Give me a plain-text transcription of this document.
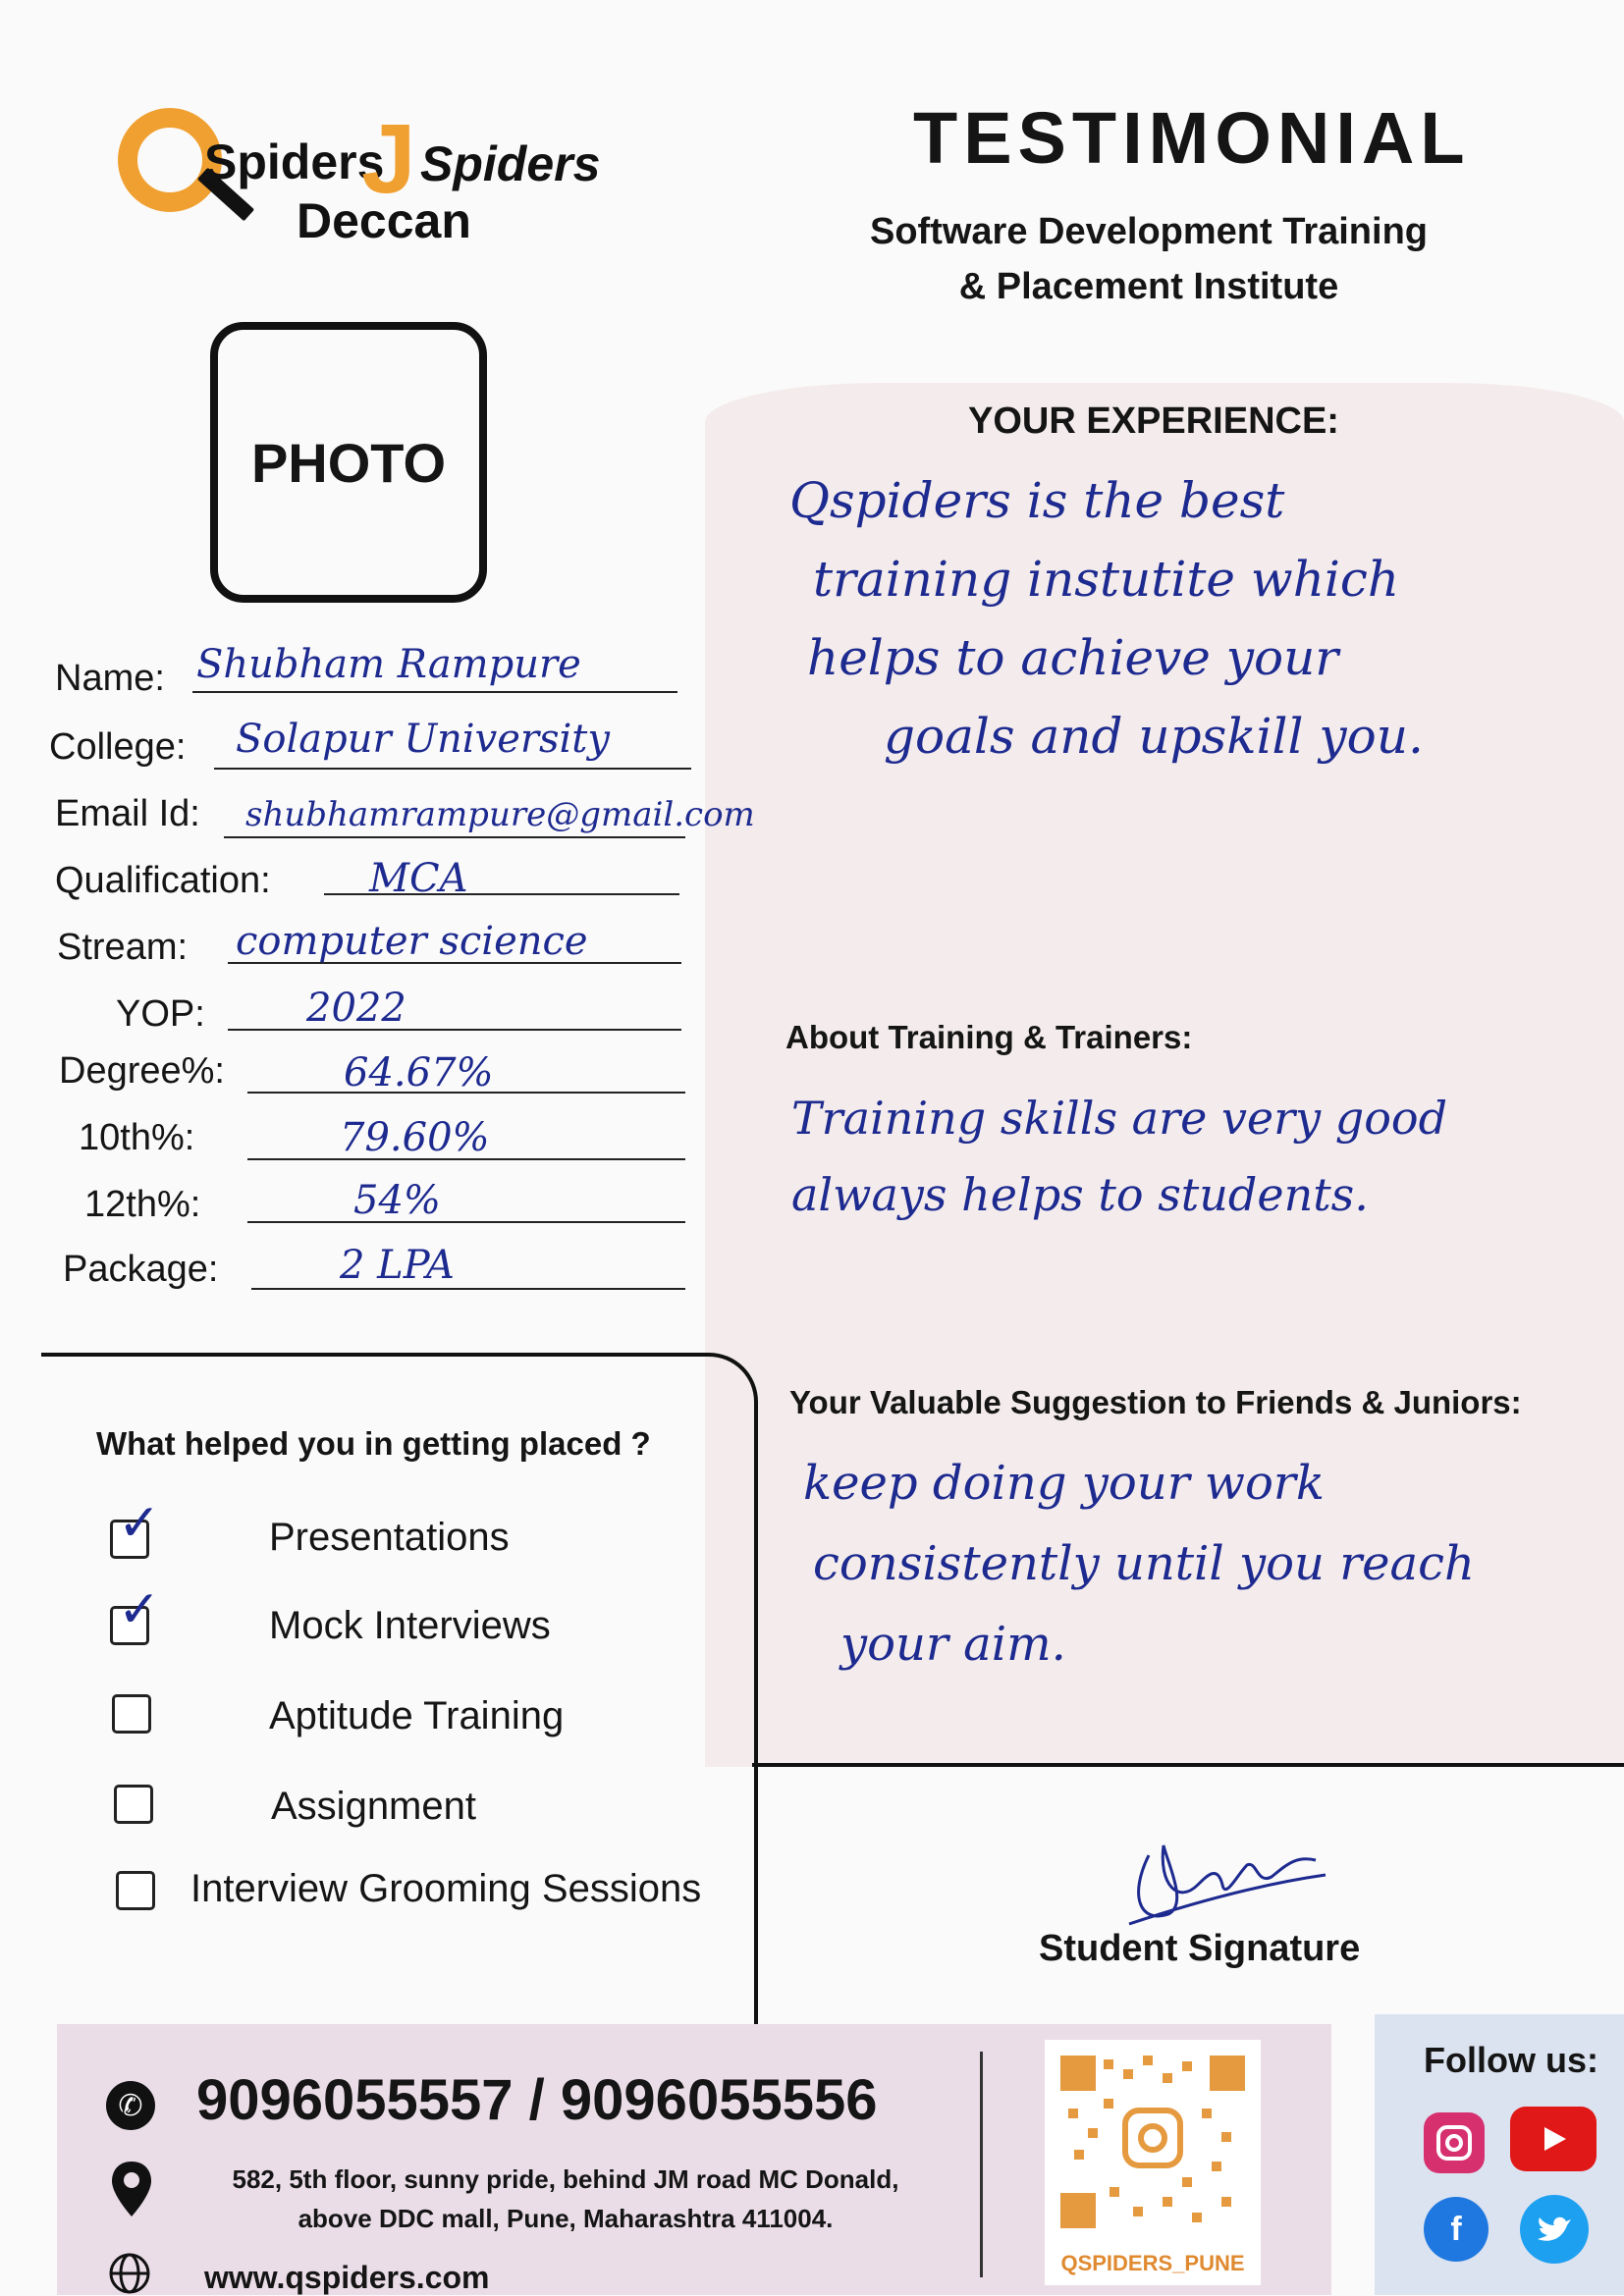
Spiders
J Spiders
Deccan
TESTIMONIAL
Software Development Training
& Placement Institute
PHOTO
Name: Shubham Rampure
College: Solapur University
Email Id: shubhamrampure@gmail.com
Qualification:	MCA
Stream: computer science
YOP:	2022
Degree%:	64.67%
10th%:	79.60%
12th%:	54%
Package:	2 LPA
YOUR EXPERIENCE:
Qspiders is the best
training instutite which
helps to achieve your
goals and upskill you.
About Training & Trainers:
Training skills are very good
always helps to students.
Your Valuable Suggestion to Friends & Juniors:
keep doing your work
consistently until you reach
your aim.
What helped you in getting placed ?
✓	Presentations
✓	Mock Interviews
Aptitude Training
Assignment
Interview Grooming Sessions
Student Signature
✆ 9096055557 / 9096055556
582, 5th floor, sunny pride, behind JM road MC Donald,
above DDC mall, Pune, Maharashtra 411004.
www.qspiders.com	QSPIDERS_PUNE
Follow us:
f
